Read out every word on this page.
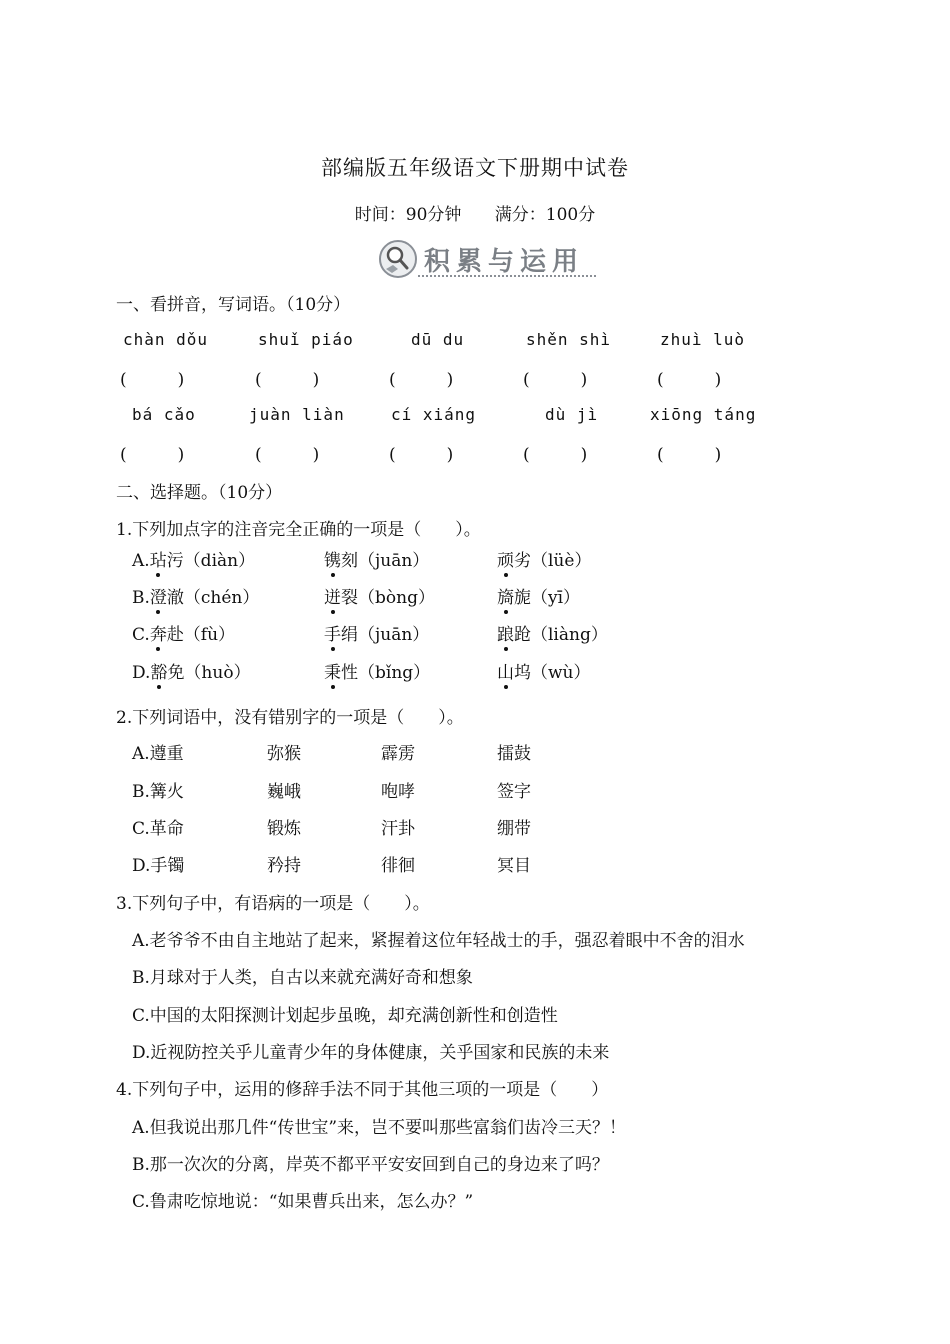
部编版五年级语文下册期中试卷
时间：90分钟 满分：100分
积累与运用
一、看拼音，写词语。（10分）
chàn dǒu	shuǐ piáo	dū du	shěn shì	zhuì luò
(　　　)	(　　　)	(　　　)	(　　　)	(　　　)
bá cǎo	juàn liàn	cí xiáng	dù jì	xiōng táng
(　　　)	(　　　)	(　　　)	(　　　)	(　　　)
二、选择题。（10分）
1.下列加点字的注音完全正确的一项是（　　）。
A.玷污（diàn）	镌刻（juān）	顽劣（lüè）
B.澄澈（chén）	迸裂（bòng）	旖旎（yī）
C.奔赴（fù）	手绢（juān）	踉跄（liàng）
D.豁免（huò）	秉性（bǐng）	山坞（wù）
2.下列词语中，没有错别字的一项是（　　）。
A.遵重	弥猴	霹雳	擂鼓
B.篝火	巍峨	咆哮	签字
C.革命	锻炼	汗卦	绷带
D.手镯	矜持	徘徊	冥目
3.下列句子中，有语病的一项是（　　）。
A.老爷爷不由自主地站了起来，紧握着这位年轻战士的手，强忍着眼中不舍的泪水
B.月球对于人类，自古以来就充满好奇和想象
C.中国的太阳探测计划起步虽晚，却充满创新性和创造性
D.近视防控关乎儿童青少年的身体健康，关乎国家和民族的未来
4.下列句子中，运用的修辞手法不同于其他三项的一项是（　　）
A.但我说出那几件“传世宝”来，岂不要叫那些富翁们齿冷三天？！
B.那一次次的分离，岸英不都平平安安回到自己的身边来了吗？
C.鲁肃吃惊地说：“如果曹兵出来，怎么办？”
